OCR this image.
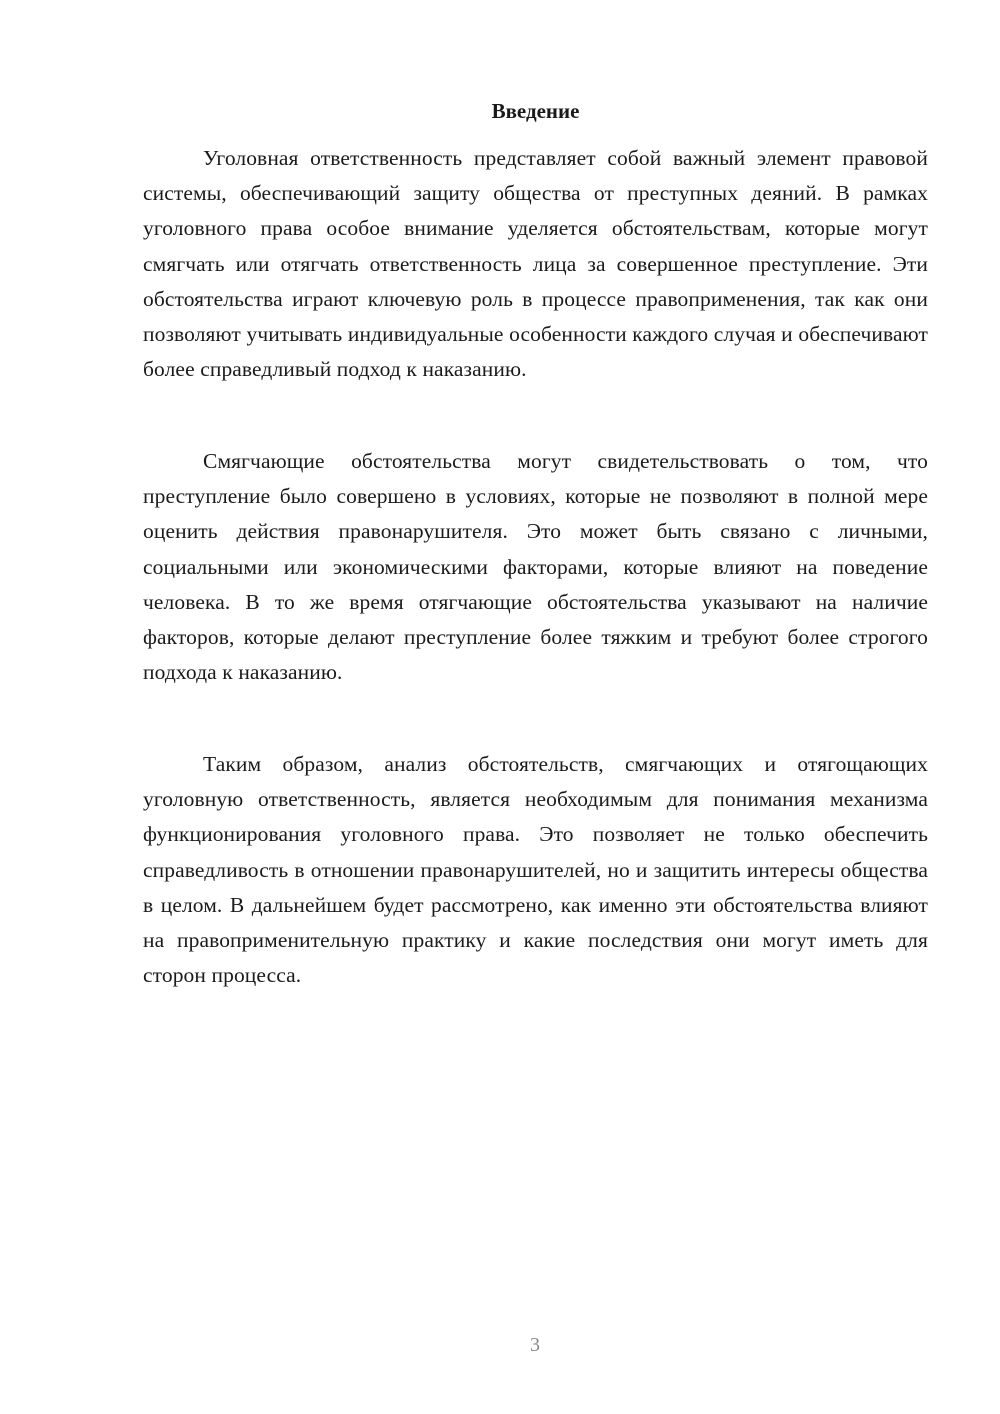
Введение

Уголовная ответственность представляет собой важный элемент правовой системы, обеспечивающий защиту общества от преступных деяний. В рамках уголовного права особое внимание уделяется обстоятельствам, которые могут смягчать или отягчать ответственность лица за совершенное преступление. Эти обстоятельства играют ключевую роль в процессе правоприменения, так как они позволяют учитывать индивидуальные особенности каждого случая и обеспечивают более справедливый подход к наказанию.

Смягчающие обстоятельства могут свидетельствовать о том, что преступление было совершено в условиях, которые не позволяют в полной мере оценить действия правонарушителя. Это может быть связано с личными, социальными или экономическими факторами, которые влияют на поведение человека. В то же время отягчающие обстоятельства указывают на наличие факторов, которые делают преступление более тяжким и требуют более строгого подхода к наказанию.

Таким образом, анализ обстоятельств, смягчающих и отягощающих уголовную ответственность, является необходимым для понимания механизма функционирования уголовного права. Это позволяет не только обеспечить справедливость в отношении правонарушителей, но и защитить интересы общества в целом. В дальнейшем будет рассмотрено, как именно эти обстоятельства влияют на правоприменительную практику и какие последствия они могут иметь для сторон процесса.

3
